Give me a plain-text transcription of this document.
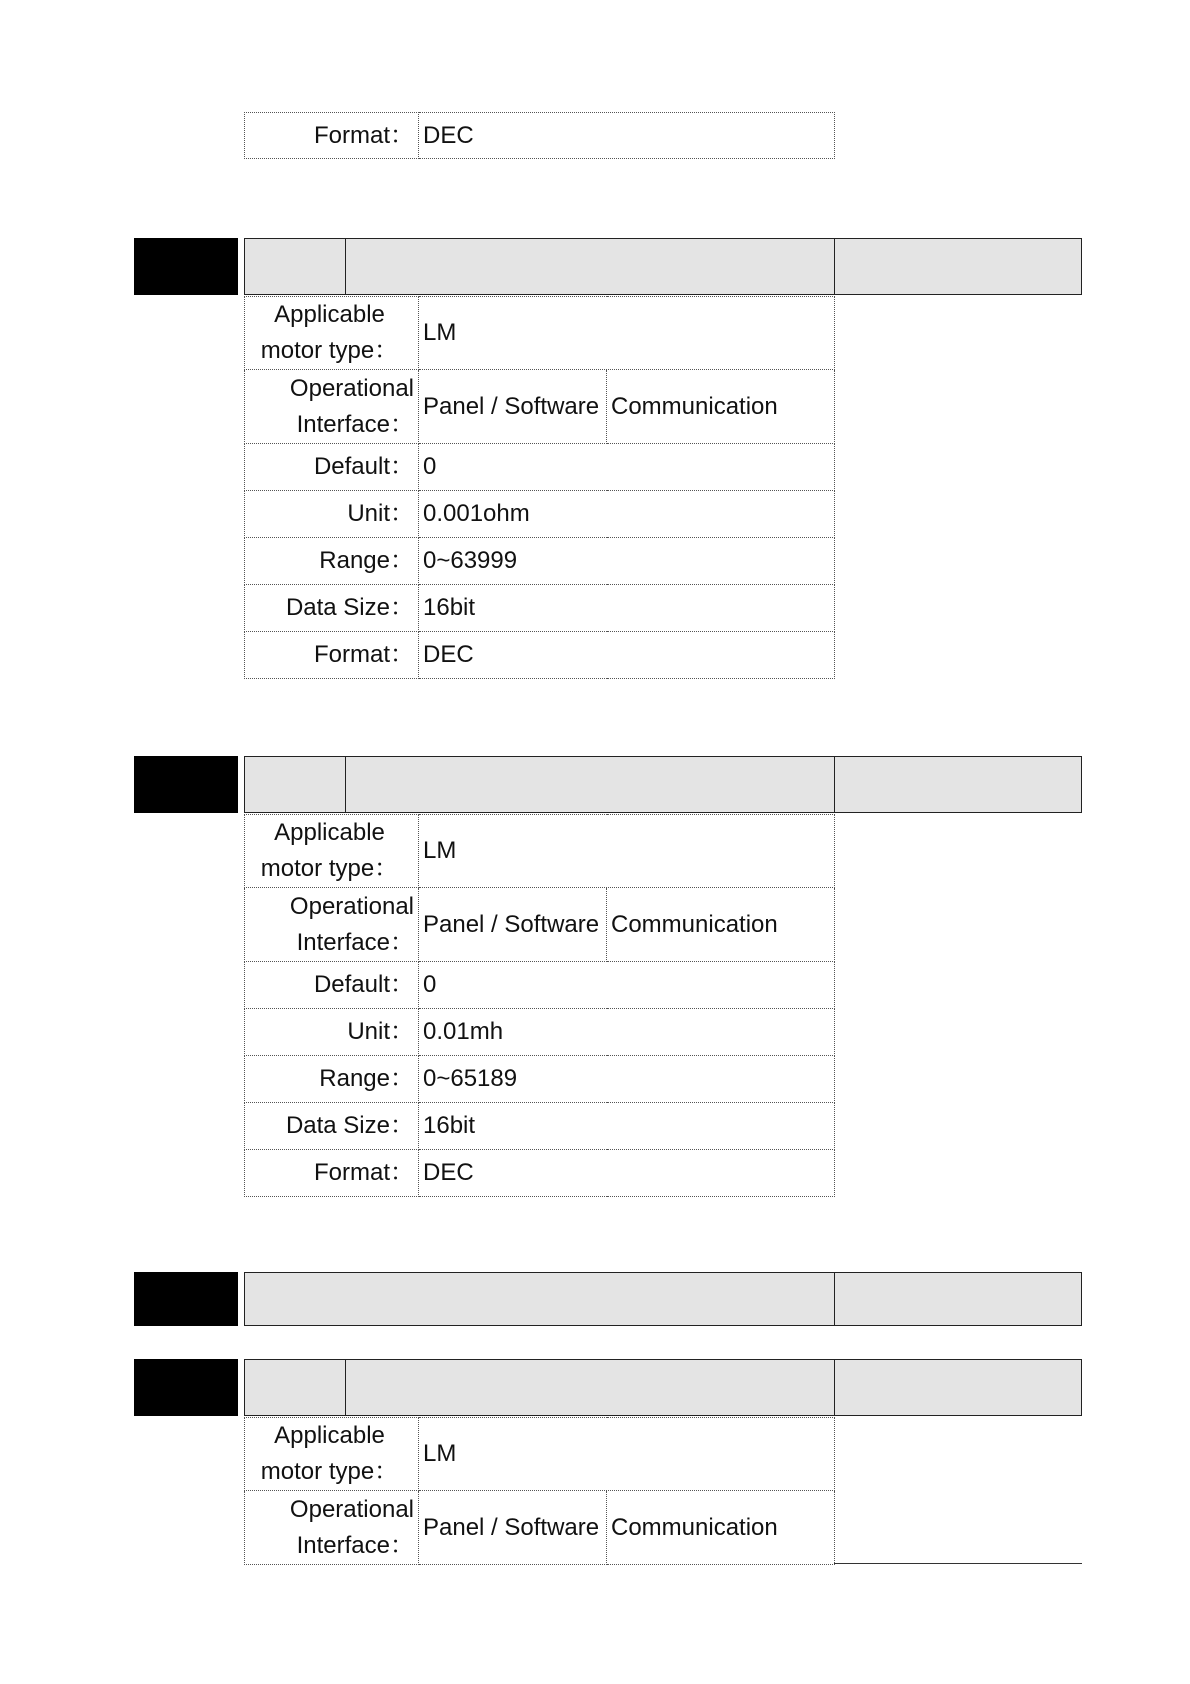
Format：	DEC
Applicable
motor type：	LM	

Operational
Interface：	Panel / Software	Communication
Default：	0	
Unit：	0.001ohm	
Range：	0~63999	
Data Size：	16bit	
Format：	DEC	
Applicable
motor type：	LM	

Operational
Interface：	Panel / Software	Communication
Default：	0	
Unit：	0.01mh	
Range：	0~65189	
Data Size：	16bit	
Format：	DEC	
Applicable
motor type：	LM	

Operational
Interface：	Panel / Software	Communication
